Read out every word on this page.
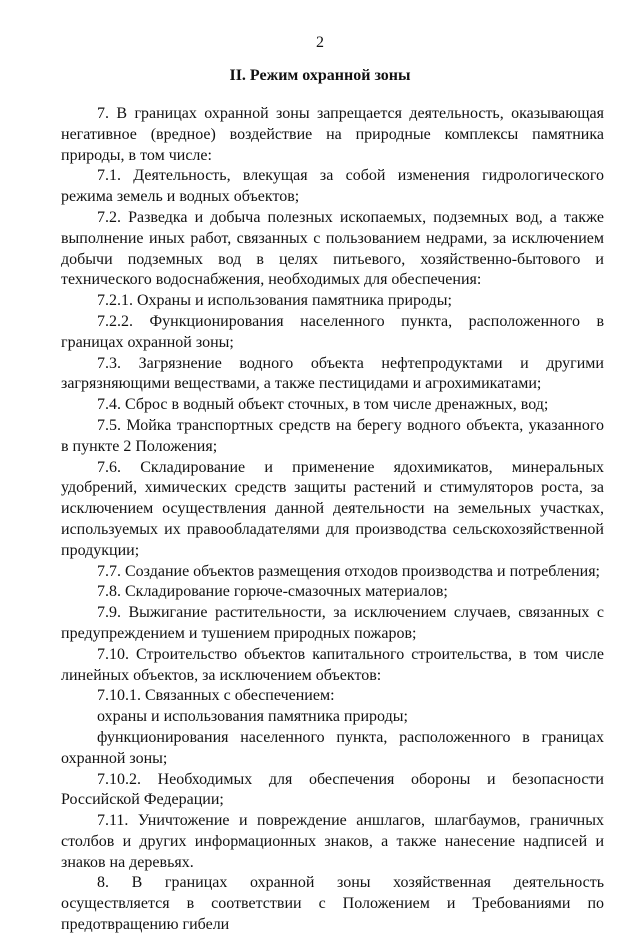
2
II. Режим охранной зоны

7. В границах охранной зоны запрещается деятельность, оказывающая негативное (вредное) воздействие на природные комплексы памятника природы, в том числе:

7.1. Деятельность, влекущая за собой изменения гидрологического режима земель и водных объектов;

7.2. Разведка и добыча полезных ископаемых, подземных вод, а также выполнение иных работ, связанных с пользованием недрами, за исключением добычи подземных вод в целях питьевого, хозяйственно-бытового и технического водоснабжения, необходимых для обеспечения:

7.2.1. Охраны и использования памятника природы;

7.2.2. Функционирования населенного пункта, расположенного в границах охранной зоны;

7.3. Загрязнение водного объекта нефтепродуктами и другими загрязняющими веществами, а также пестицидами и агрохимикатами;

7.4. Сброс в водный объект сточных, в том числе дренажных, вод;

7.5. Мойка транспортных средств на берегу водного объекта, указанного в пункте 2 Положения;

7.6. Складирование и применение ядохимикатов, минеральных удобрений, химических средств защиты растений и стимуляторов роста, за исключением осуществления данной деятельности на земельных участках, используемых их правообладателями для производства сельскохозяйственной продукции;

7.7. Создание объектов размещения отходов производства и потребления;

7.8. Складирование горюче-смазочных материалов;

7.9. Выжигание растительности, за исключением случаев, связанных с предупреждением и тушением природных пожаров;

7.10. Строительство объектов капитального строительства, в том числе линейных объектов, за исключением объектов:

7.10.1. Связанных с обеспечением:

охраны и использования памятника природы;

функционирования населенного пункта, расположенного в границах охранной зоны;

7.10.2. Необходимых для обеспечения обороны и безопасности Российской Федерации;

7.11. Уничтожение и повреждение аншлагов, шлагбаумов, граничных столбов и других информационных знаков, а также нанесение надписей и знаков на деревьях.

8. В границах охранной зоны хозяйственная деятельность осуществляется в соответствии с Положением и Требованиями по предотвращению гибели
